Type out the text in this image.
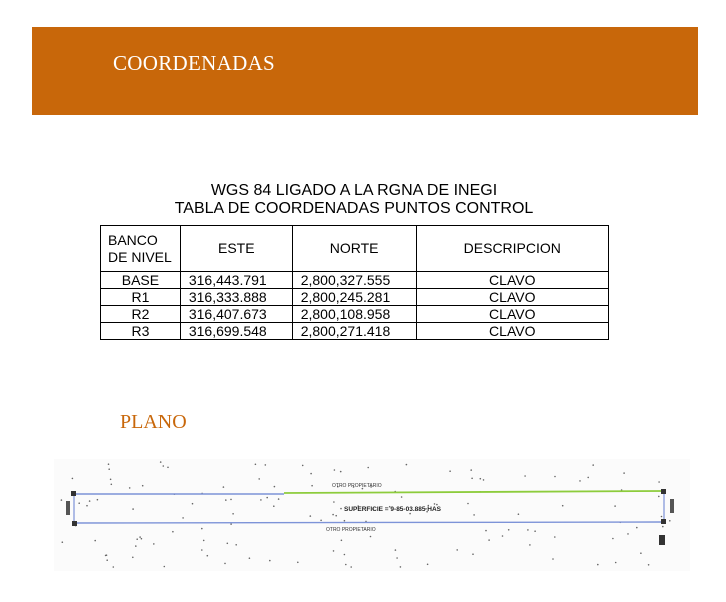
COORDENADAS
WGS 84 LIGADO A LA RGNA DE INEGI
TABLA DE COORDENADAS PUNTOS CONTROL
BANCO
DE NIVEL	ESTE	NORTE	DESCRIPCION
BASE	316,443.791	2,800,327.555	CLAVO
R1	316,333.888	2,800,245.281	CLAVO
R2	316,407.673	2,800,108.958	CLAVO
R3	316,699.548	2,800,271.418	CLAVO
PLANO
OTRO PROPIETARIO
SUPERFICIE = 9-85-03.885 HAS
OTRO PROPIETARIO
